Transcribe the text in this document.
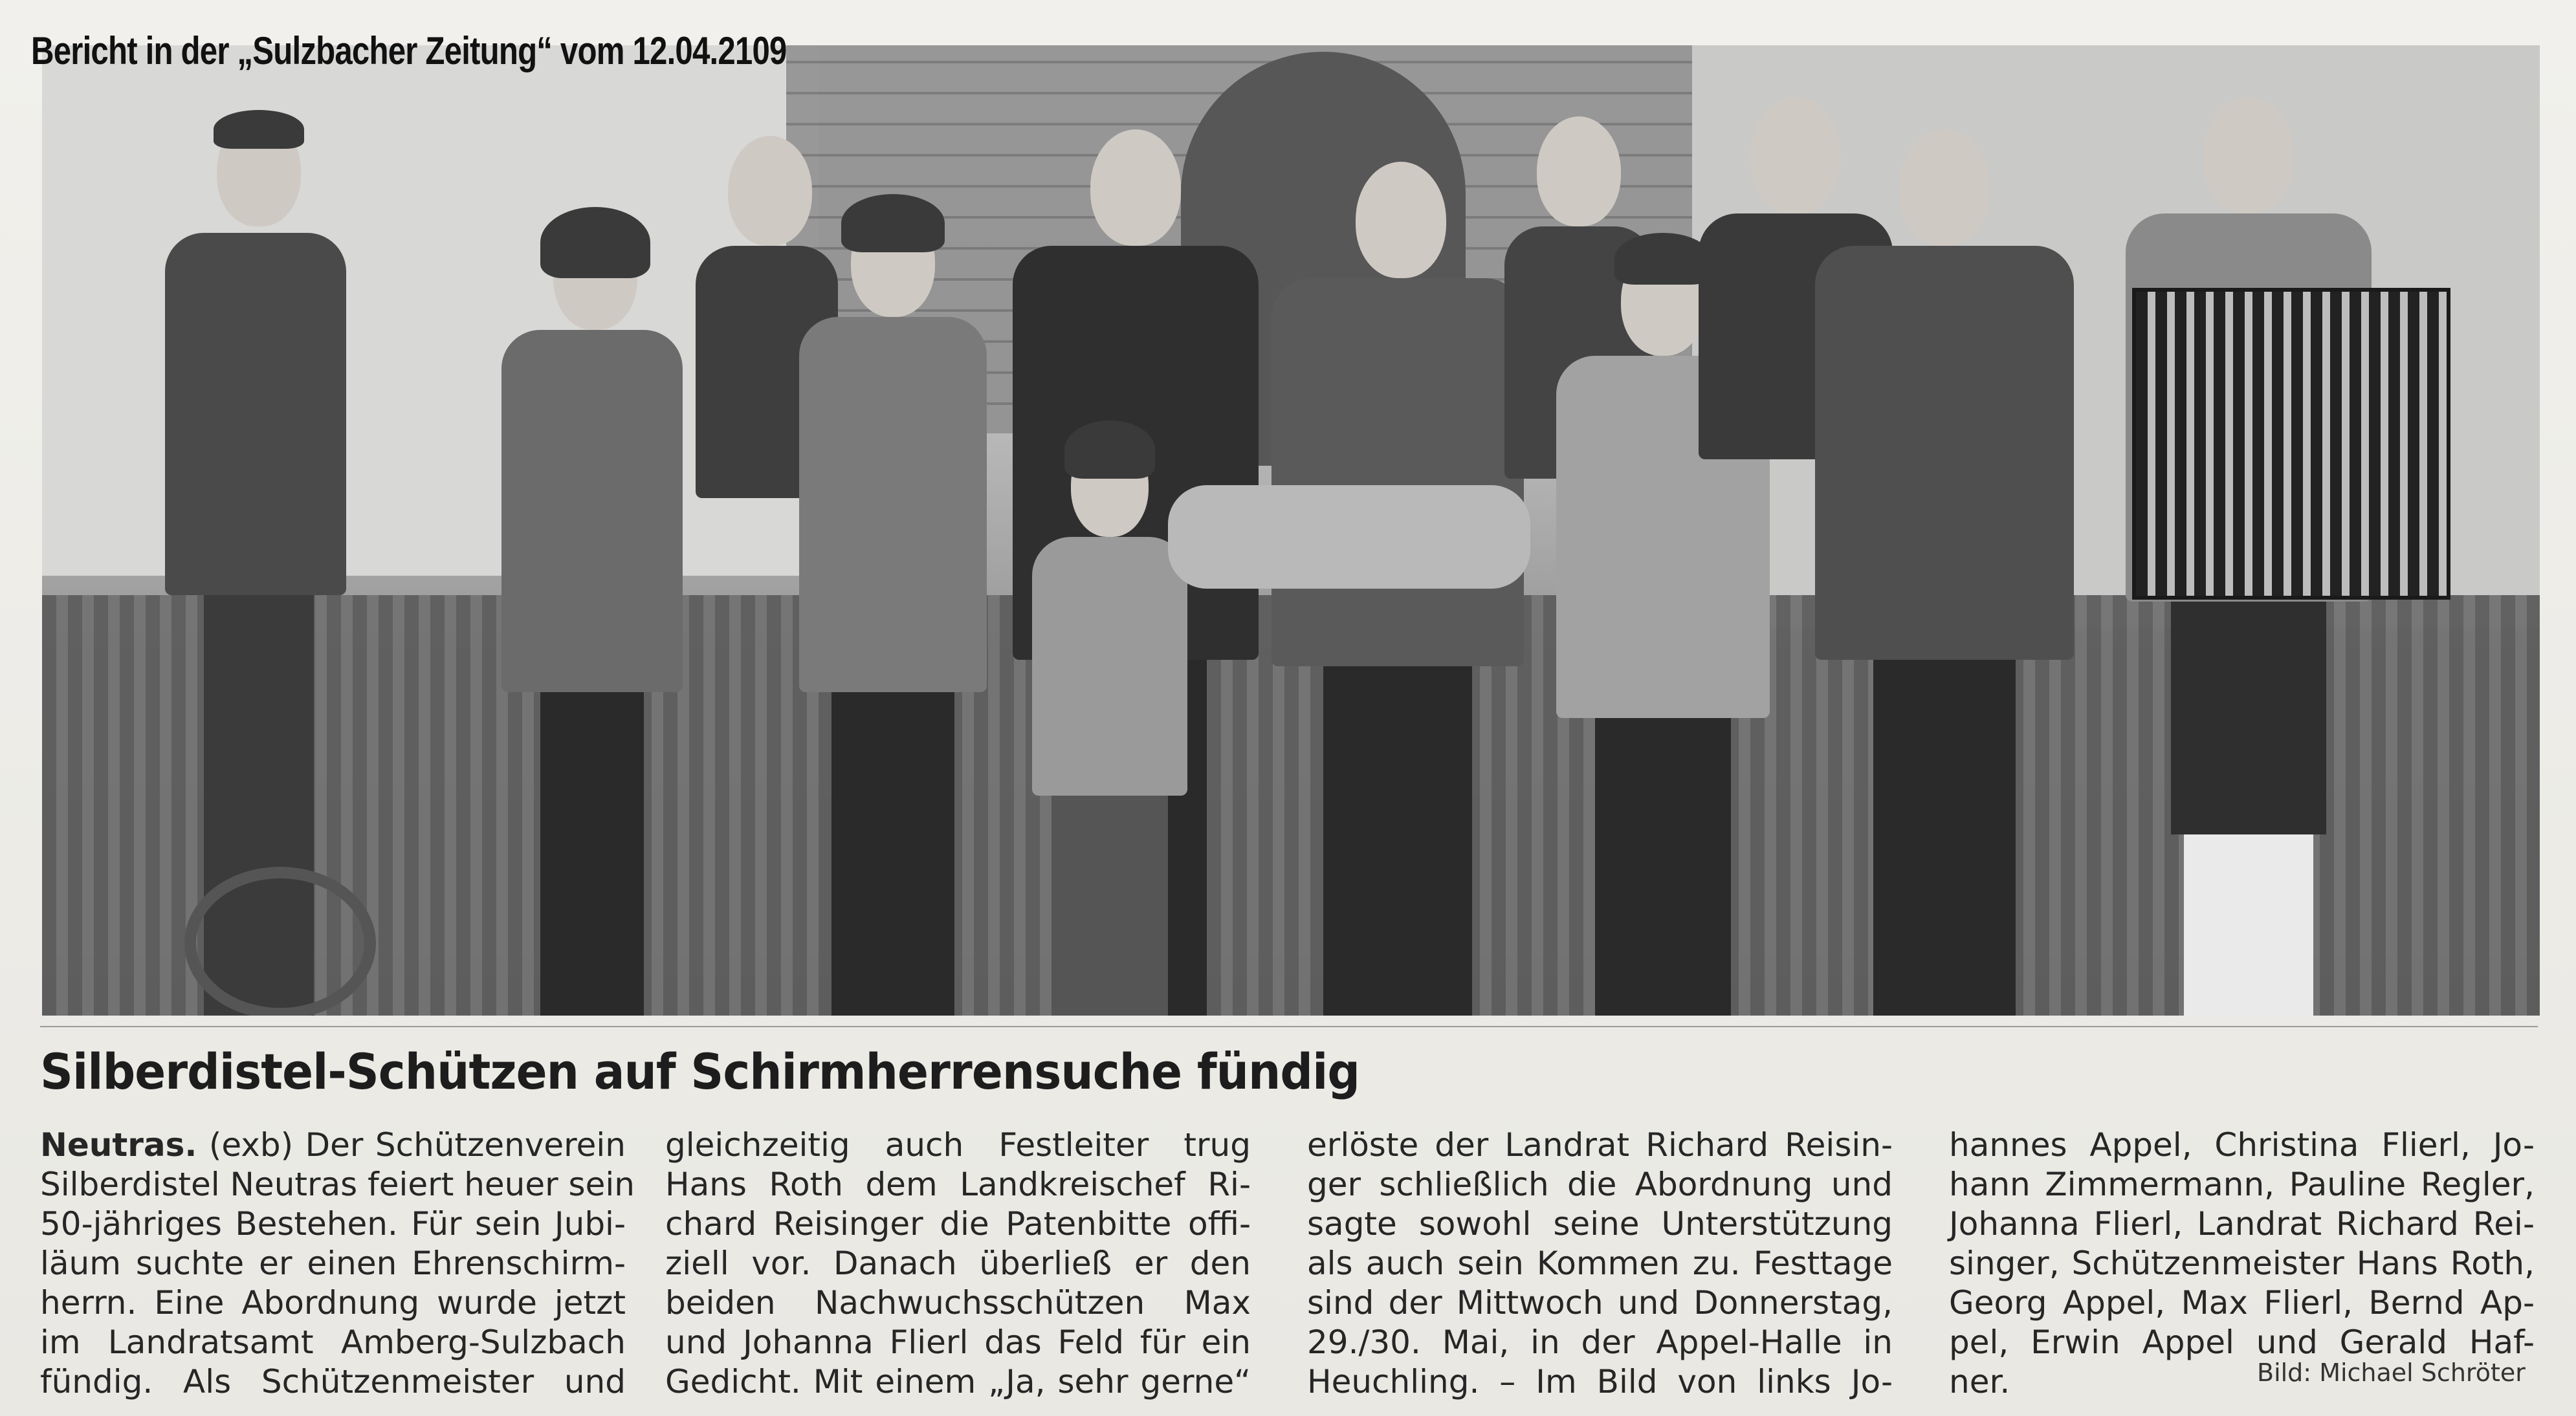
Bericht in der „Sulzbacher Zeitung“ vom 12.04.2109
Silberdistel-Schützen auf Schirmherrensuche fündig
Neutras. (exb) Der Schützenverein
Silberdistel Neutras feiert heuer sein
50-jähriges Bestehen. Für sein Jubi-
läum suchte er einen Ehrenschirm-
herrn. Eine Abordnung wurde jetzt
im Landratsamt Amberg-Sulzbach
fündig. Als Schützenmeister und
gleichzeitig auch Festleiter trug
Hans Roth dem Landkreischef Ri-
chard Reisinger die Patenbitte offi-
ziell vor. Danach überließ er den
beiden Nachwuchsschützen Max
und Johanna Flierl das Feld für ein
Gedicht. Mit einem „Ja, sehr gerne“
erlöste der Landrat Richard Reisin-
ger schließlich die Abordnung und
sagte sowohl seine Unterstützung
als auch sein Kommen zu. Festtage
sind der Mittwoch und Donnerstag,
29./30. Mai, in der Appel-Halle in
Heuchling. – Im Bild von links Jo-
hannes Appel, Christina Flierl, Jo-
hann Zimmermann, Pauline Regler,
Johanna Flierl, Landrat Richard Rei-
singer, Schützenmeister Hans Roth,
Georg Appel, Max Flierl, Bernd Ap-
pel, Erwin Appel und Gerald Haf-
ner.	Bild: Michael Schröter
